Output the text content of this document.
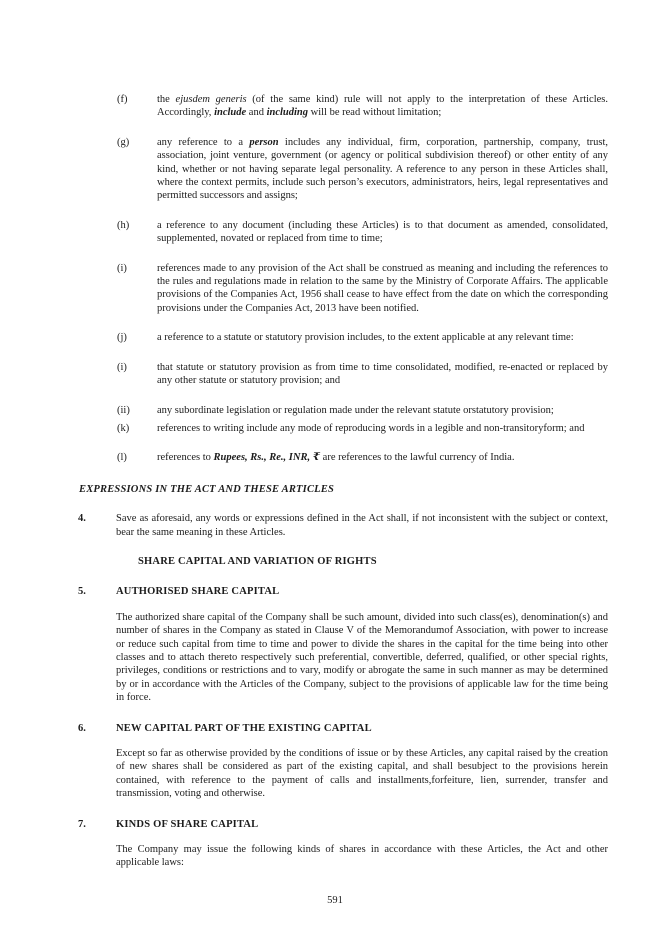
(f)	the ejusdem generis (of the same kind) rule will not apply to the interpretation of these Articles. Accordingly, include and including will be read without limitation;
(g)	any reference to a person includes any individual, firm, corporation, partnership, company, trust, association, joint venture, government (or agency or political subdivision thereof) or other entity of any kind, whether or not having separate legal personality. A reference to any person in these Articles shall, where the context permits, include such person’s executors, administrators, heirs, legal representatives and permitted successors and assigns;
(h)	a reference to any document (including these Articles) is to that document as amended, consolidated, supplemented, novated or replaced from time to time;
(i)	references made to any provision of the Act shall be construed as meaning and including the references to the rules and regulations made in relation to the same by the Ministry of Corporate Affairs. The applicable provisions of the Companies Act, 1956 shall cease to have effect from the date on which the corresponding provisions under the Companies Act, 2013 have been notified.
(j)	a reference to a statute or statutory provision includes, to the extent applicable at any relevant time:
(i)	that statute or statutory provision as from time to time consolidated, modified, re-enacted or replaced by any other statute or statutory provision; and
(ii)	any subordinate legislation or regulation made under the relevant statute orstatutory provision;
(k)	references to writing include any mode of reproducing words in a legible and non-transitoryform; and
(l)	references to Rupees, Rs., Re., INR, ₹ are references to the lawful currency of India.
EXPRESSIONS IN THE ACT AND THESE ARTICLES
4.	Save as aforesaid, any words or expressions defined in the Act shall, if not inconsistent with the subject or context, bear the same meaning in these Articles.
SHARE CAPITAL AND VARIATION OF RIGHTS
5.	AUTHORISED SHARE CAPITAL
The authorized share capital of the Company shall be such amount, divided into such class(es), denomination(s) and number of shares in the Company as stated in Clause V of the Memorandumof Association, with power to increase or reduce such capital from time to time and power to divide the shares in the capital for the time being into other classes and to attach thereto respectively such preferential, convertible, deferred, qualified, or other special rights, privileges, conditions or restrictions and to vary, modify or abrogate the same in such manner as may be determined by or in accordance with the Articles of the Company, subject to the provisions of applicable law for the time being in force.
6.	NEW CAPITAL PART OF THE EXISTING CAPITAL
Except so far as otherwise provided by the conditions of issue or by these Articles, any capital raised by the creation of new shares shall be considered as part of the existing capital, and shall besubject to the provisions herein contained, with reference to the payment of calls and installments,forfeiture, lien, surrender, transfer and transmission, voting and otherwise.
7.	KINDS OF SHARE CAPITAL
The Company may issue the following kinds of shares in accordance with these Articles, the Act and other applicable laws:
591
